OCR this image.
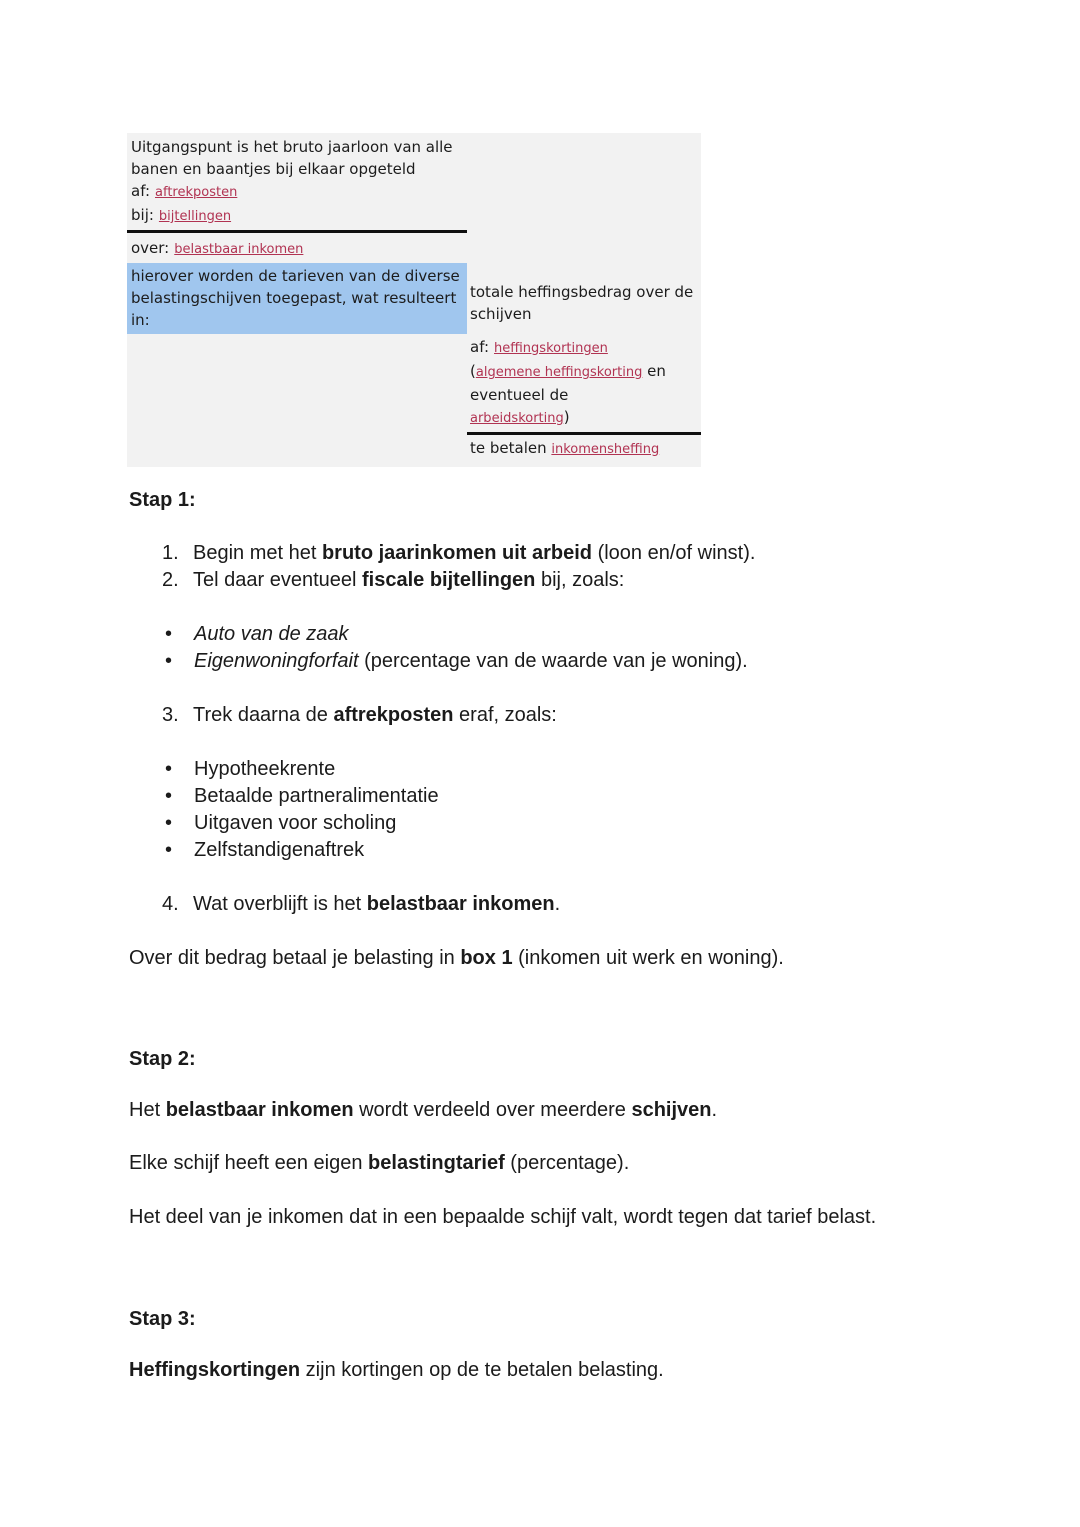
Uitgangspunt is het bruto jaarloon van alle banen en baantjes bij elkaar opgeteld
af: aftrekposten
bij: bijtellingen
over: belastbaar inkomen
hierover worden de tarieven van de diverse belastingschijven toegepast, wat resulteert in:
totale heffingsbedrag over de schijven
af: heffingskortingen
(algemene heffingskorting en
eventueel de
arbeidskorting)
te betalen inkomensheffing
Stap 1:
1. Begin met het bruto jaarinkomen uit arbeid (loon en/of winst).
2. Tel daar eventueel fiscale bijtellingen bij, zoals:
•	Auto van de zaak
•	Eigenwoningforfait (percentage van de waarde van je woning).
3. Trek daarna de aftrekposten eraf, zoals:
•	Hypotheekrente
•	Betaalde partneralimentatie
•	Uitgaven voor scholing
•	Zelfstandigenaftrek
4. Wat overblijft is het belastbaar inkomen.

Over dit bedrag betaal je belasting in box 1 (inkomen uit werk en woning).

Stap 2:

Het belastbaar inkomen wordt verdeeld over meerdere schijven.

Elke schijf heeft een eigen belastingtarief (percentage).

Het deel van je inkomen dat in een bepaalde schijf valt, wordt tegen dat tarief belast.

Stap 3:

Heffingskortingen zijn kortingen op de te betalen belasting.
